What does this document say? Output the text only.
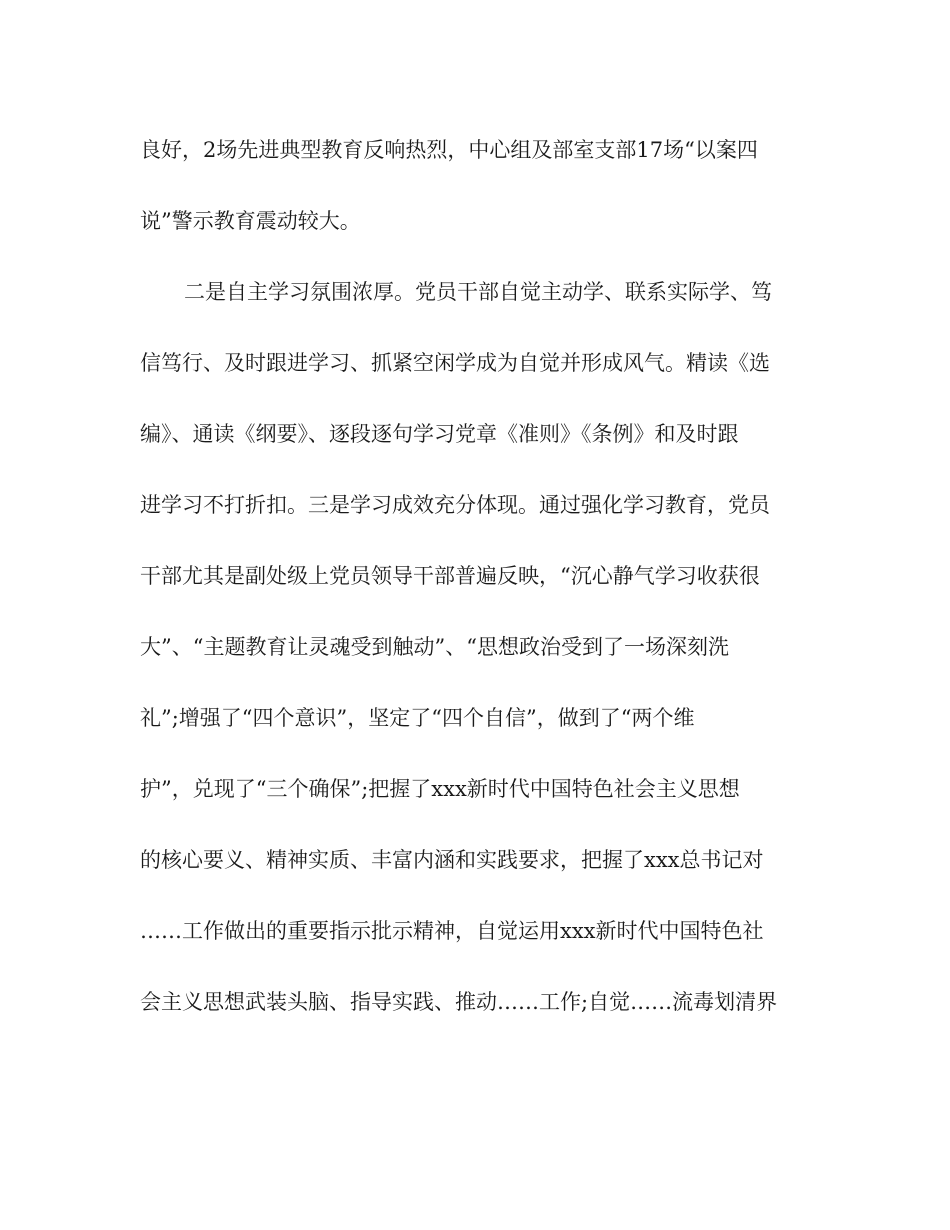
良好，2场先进典型教育反响热烈，中心组及部室支部17场“以案四
说”警示教育震动较大。
二是自主学习氛围浓厚。党员干部自觉主动学、联系实际学、笃
信笃行、及时跟进学习、抓紧空闲学成为自觉并形成风气。精读《选
编》、通读《纲要》、逐段逐句学习党章《准则》《条例》和及时跟
进学习不打折扣。三是学习成效充分体现。通过强化学习教育，党员
干部尤其是副处级上党员领导干部普遍反映，“沉心静气学习收获很
大”、“主题教育让灵魂受到触动”、“思想政治受到了一场深刻洗
礼”;增强了“四个意识”，坚定了“四个自信”，做到了“两个维
护”，兑现了“三个确保”;把握了xxx新时代中国特色社会主义思想
的核心要义、精神实质、丰富内涵和实践要求，把握了xxx总书记对
……工作做出的重要指示批示精神，自觉运用xxx新时代中国特色社
会主义思想武装头脑、指导实践、推动……工作;自觉……流毒划清界
